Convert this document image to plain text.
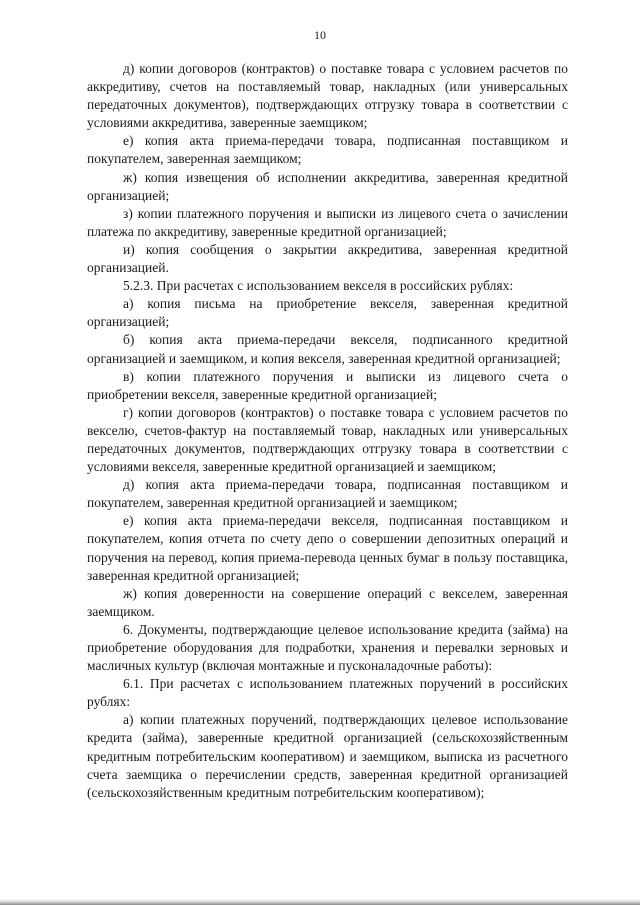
10

д) копии договоров (контрактов) о поставке товара с условием расчетов по аккредитиву, счетов на поставляемый товар, накладных (или универсальных передаточных документов), подтверждающих отгрузку товара в соответствии с условиями аккредитива, заверенные заемщиком;

е) копия акта приема-передачи товара, подписанная поставщиком и покупателем, заверенная заемщиком;

ж) копия извещения об исполнении аккредитива, заверенная кредитной организацией;

з) копии платежного поручения и выписки из лицевого счета о зачислении платежа по аккредитиву, заверенные кредитной организацией;

и) копия сообщения о закрытии аккредитива, заверенная кредитной организацией.

5.2.3. При расчетах с использованием векселя в российских рублях:

а) копия письма на приобретение векселя, заверенная кредитной организацией;

б) копия акта приема-передачи векселя, подписанного кредитной организацией и заемщиком, и копия векселя, заверенная кредитной организацией;

в) копии платежного поручения и выписки из лицевого счета о приобретении векселя, заверенные кредитной организацией;

г) копии договоров (контрактов) о поставке товара с условием расчетов по векселю, счетов-фактур на поставляемый товар, накладных или универсальных передаточных документов, подтверждающих отгрузку товара в соответствии с условиями векселя, заверенные кредитной организацией и заемщиком;

д) копия акта приема-передачи товара, подписанная поставщиком и покупателем, заверенная кредитной организацией и заемщиком;

е) копия акта приема-передачи векселя, подписанная поставщиком и покупателем, копия отчета по счету депо о совершении депозитных операций и поручения на перевод, копия приема-перевода ценных бумаг в пользу поставщика, заверенная кредитной организацией;

ж) копия доверенности на совершение операций с векселем, заверенная заемщиком.

6. Документы, подтверждающие целевое использование кредита (займа) на приобретение оборудования для подработки, хранения и перевалки зерновых и масличных культур (включая монтажные и пусконаладочные работы):

6.1. При расчетах с использованием платежных поручений в российских рублях:

а) копии платежных поручений, подтверждающих целевое использование кредита (займа), заверенные кредитной организацией (сельскохозяйственным кредитным потребительским кооперативом) и заемщиком, выписка из расчетного счета заемщика о перечислении средств, заверенная кредитной организацией (сельскохозяйственным кредитным потребительским кооперативом);
